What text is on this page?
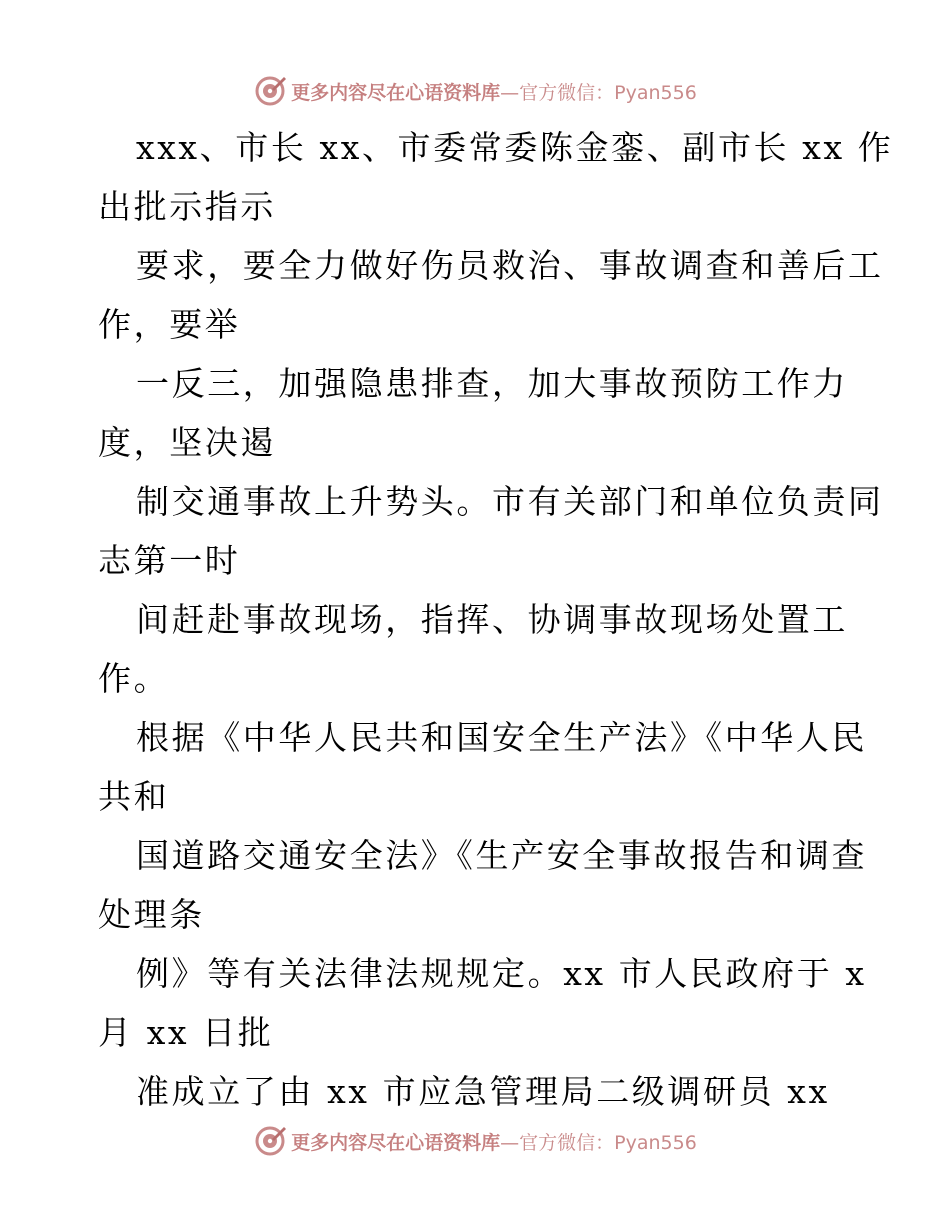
更多内容尽在心语资料库—官方微信：Pyan556
xxx、市长 xx、市委常委陈金銮、副市长 xx 作
出批示指示
要求，要全力做好伤员救治、事故调查和善后工
作，要举
一反三，加强隐患排查，加大事故预防工作力
度，坚决遏
制交通事故上升势头。市有关部门和单位负责同
志第一时
间赶赴事故现场，指挥、协调事故现场处置工
作。
根据《中华人民共和国安全生产法》《中华人民
共和
国道路交通安全法》《生产安全事故报告和调查
处理条
例》等有关法律法规规定。xx 市人民政府于 x
月 xx 日批
准成立了由 xx 市应急管理局二级调研员 xx
更多内容尽在心语资料库—官方微信：Pyan556
